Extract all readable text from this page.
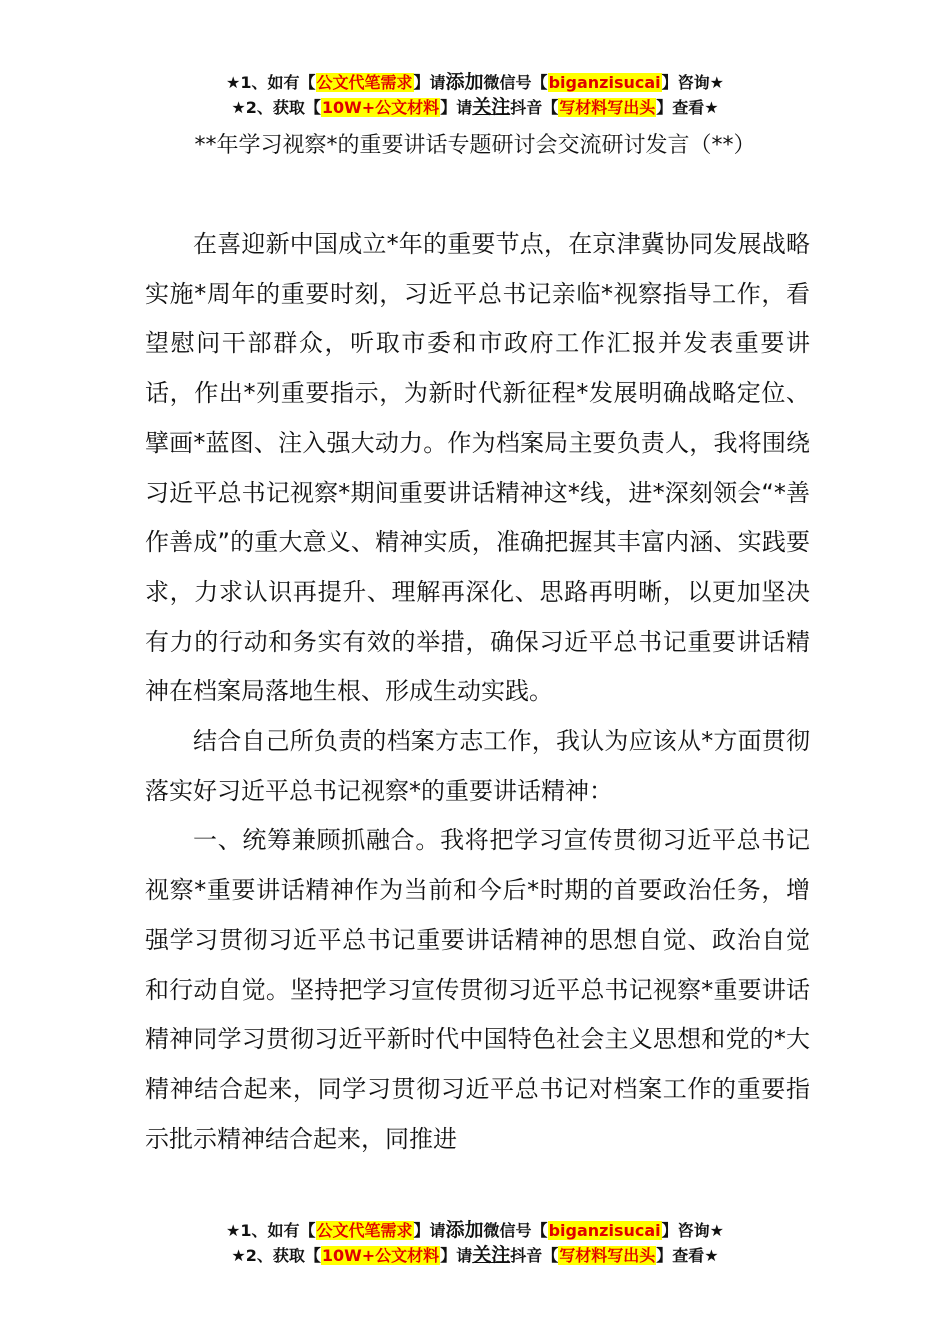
★1、如有【公文代笔需求】请添加微信号【biganzisucai】咨询★
★2、获取【10W+公文材料】请关注抖音【写材料写出头】查看★
**年学习视察*的重要讲话专题研讨会交流研讨发言（**）

在喜迎新中国成立*年的重要节点，在京津冀协同发展战略实施*周年的重要时刻，习近平总书记亲临*视察指导工作，看望慰问干部群众，听取市委和市政府工作汇报并发表重要讲话，作出*列重要指示，为新时代新征程*发展明确战略定位、擘画*蓝图、注入强大动力。作为档案局主要负责人，我将围绕习近平总书记视察*期间重要讲话精神这*线，进*深刻领会“*善作善成”的重大意义、精神实质，准确把握其丰富内涵、实践要求，力求认识再提升、理解再深化、思路再明晰，以更加坚决有力的行动和务实有效的举措，确保习近平总书记重要讲话精神在档案局落地生根、形成生动实践。

结合自己所负责的档案方志工作，我认为应该从*方面贯彻落实好习近平总书记视察*的重要讲话精神：

一、统筹兼顾抓融合。我将把学习宣传贯彻习近平总书记视察*重要讲话精神作为当前和今后*时期的首要政治任务，增强学习贯彻习近平总书记重要讲话精神的思想自觉、政治自觉和行动自觉。坚持把学习宣传贯彻习近平总书记视察*重要讲话精神同学习贯彻习近平新时代中国特色社会主义思想和党的*大精神结合起来，同学习贯彻习近平总书记对档案工作的重要指示批示精神结合起来，同推进

★1、如有【公文代笔需求】请添加微信号【biganzisucai】咨询★
★2、获取【10W+公文材料】请关注抖音【写材料写出头】查看★
